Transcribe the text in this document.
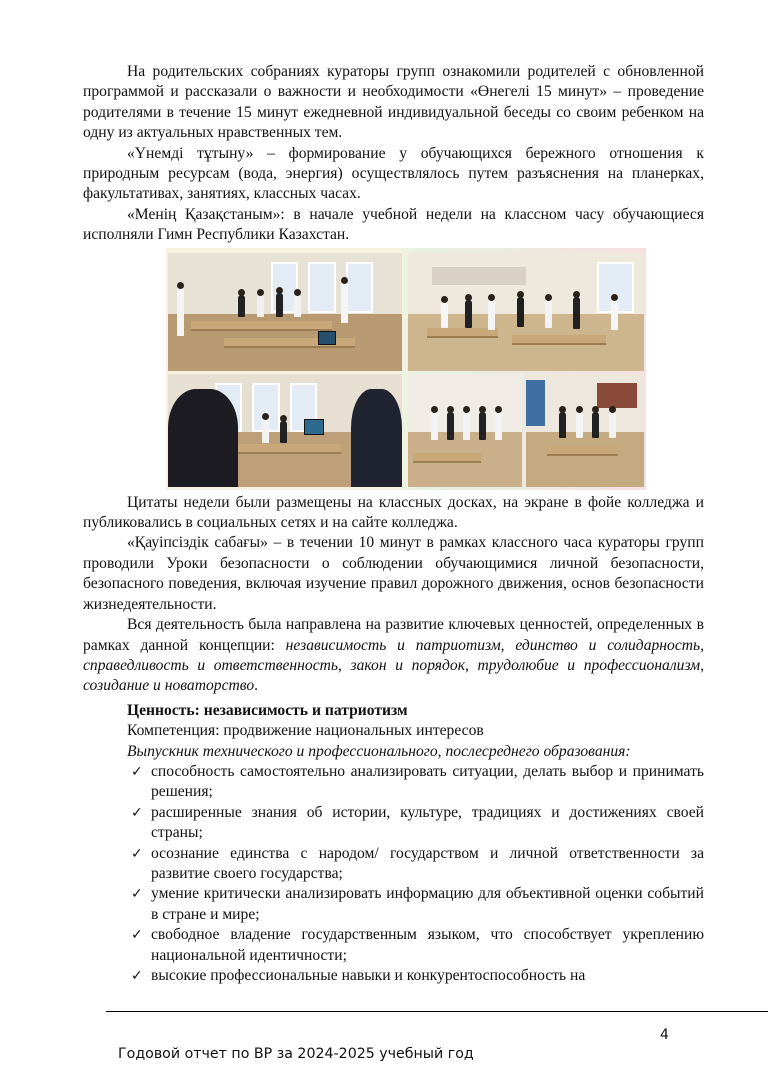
На родительских собраниях кураторы групп ознакомили родителей с обновленной программой и рассказали о важности и необходимости «Өнегелі 15 минут» – проведение родителями в течение 15 минут ежедневной индивидуальной беседы со своим ребенком на одну из актуальных нравственных тем.

«Үнемді тұтыну» – формирование у обучающихся бережного отношения к природным ресурсам (вода, энергия) осуществлялось путем разъяснения на планерках, факультативах, занятиях, классных часах.

«Менің Қазақстаным»: в начале учебной недели на классном часу обучающиеся исполняли Гимн Республики Казахстан.

Цитаты недели были размещены на классных досках, на экране в фойе колледжа и публиковались в социальных сетях и на сайте колледжа.

«Қауіпсіздік сабағы» – в течении 10 минут в рамках классного часа кураторы групп проводили Уроки безопасности о соблюдении обучающимися личной безопасности, безопасного поведения, включая изучение правил дорожного движения, основ безопасности жизнедеятельности.

Вся деятельность была направлена на развитие ключевых ценностей, определенных в рамках данной концепции: независимость и патриотизм, единство и солидарность, справедливость и ответственность, закон и порядок, трудолюбие и профессионализм, созидание и новаторство.

Ценность: независимость и патриотизм

Компетенция: продвижение национальных интересов

Выпускник технического и профессионального, послесреднего образования:

✓ способность самостоятельно анализировать ситуации, делать выбор и принимать решения;
✓ расширенные знания об истории, культуре, традициях и достижениях своей страны;
✓ осознание единства с народом/ государством и личной ответственности за развитие своего государства;
✓ умение критически анализировать информацию для объективной оценки событий в стране и мире;
✓ свободное владение государственным языком, что способствует укреплению национальной идентичности;
✓ высокие профессиональные навыки и конкурентоспособность на
4
Годовой отчет по ВР за 2024-2025 учебный год
